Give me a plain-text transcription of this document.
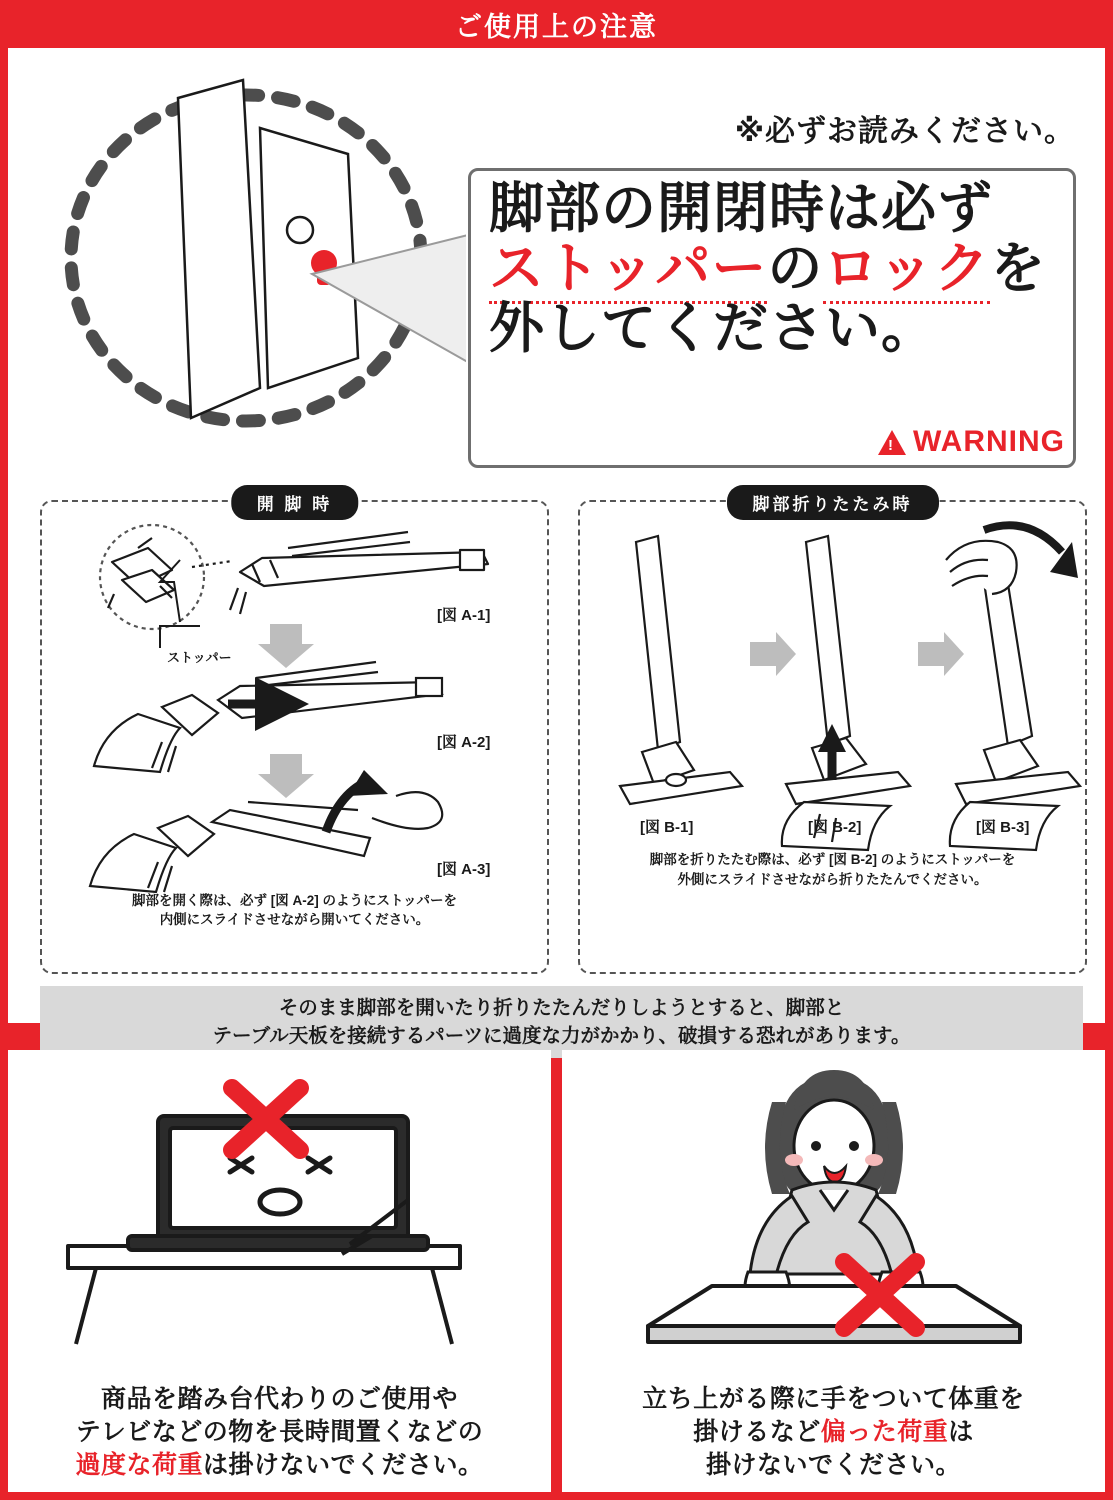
ご使用上の注意
※必ずお読みください。
脚部の開閉時は必ず
ストッパーのロックを
外してください。
!
WARNING
開 脚 時
[図 A-1]
ストッパー
[図 A-2]
[図 A-3]
脚部を開く際は、必ず [図 A-2] のようにストッパーを
内側にスライドさせながら開いてください。
脚部折りたたみ時
[図 B-1]	[図 B-2]	[図 B-3]
脚部を折りたたむ際は、必ず [図 B-2] のようにストッパーを
外側にスライドさせながら折りたたんでください。
そのまま脚部を開いたり折りたたんだりしようとすると、脚部と
テーブル天板を接続するパーツに過度な力がかかり、破損する恐れがあります。
商品を踏み台代わりのご使用や
テレビなどの物を長時間置くなどの
過度な荷重は掛けないでください。
立ち上がる際に手をついて体重を
掛けるなど偏った荷重は
掛けないでください。
